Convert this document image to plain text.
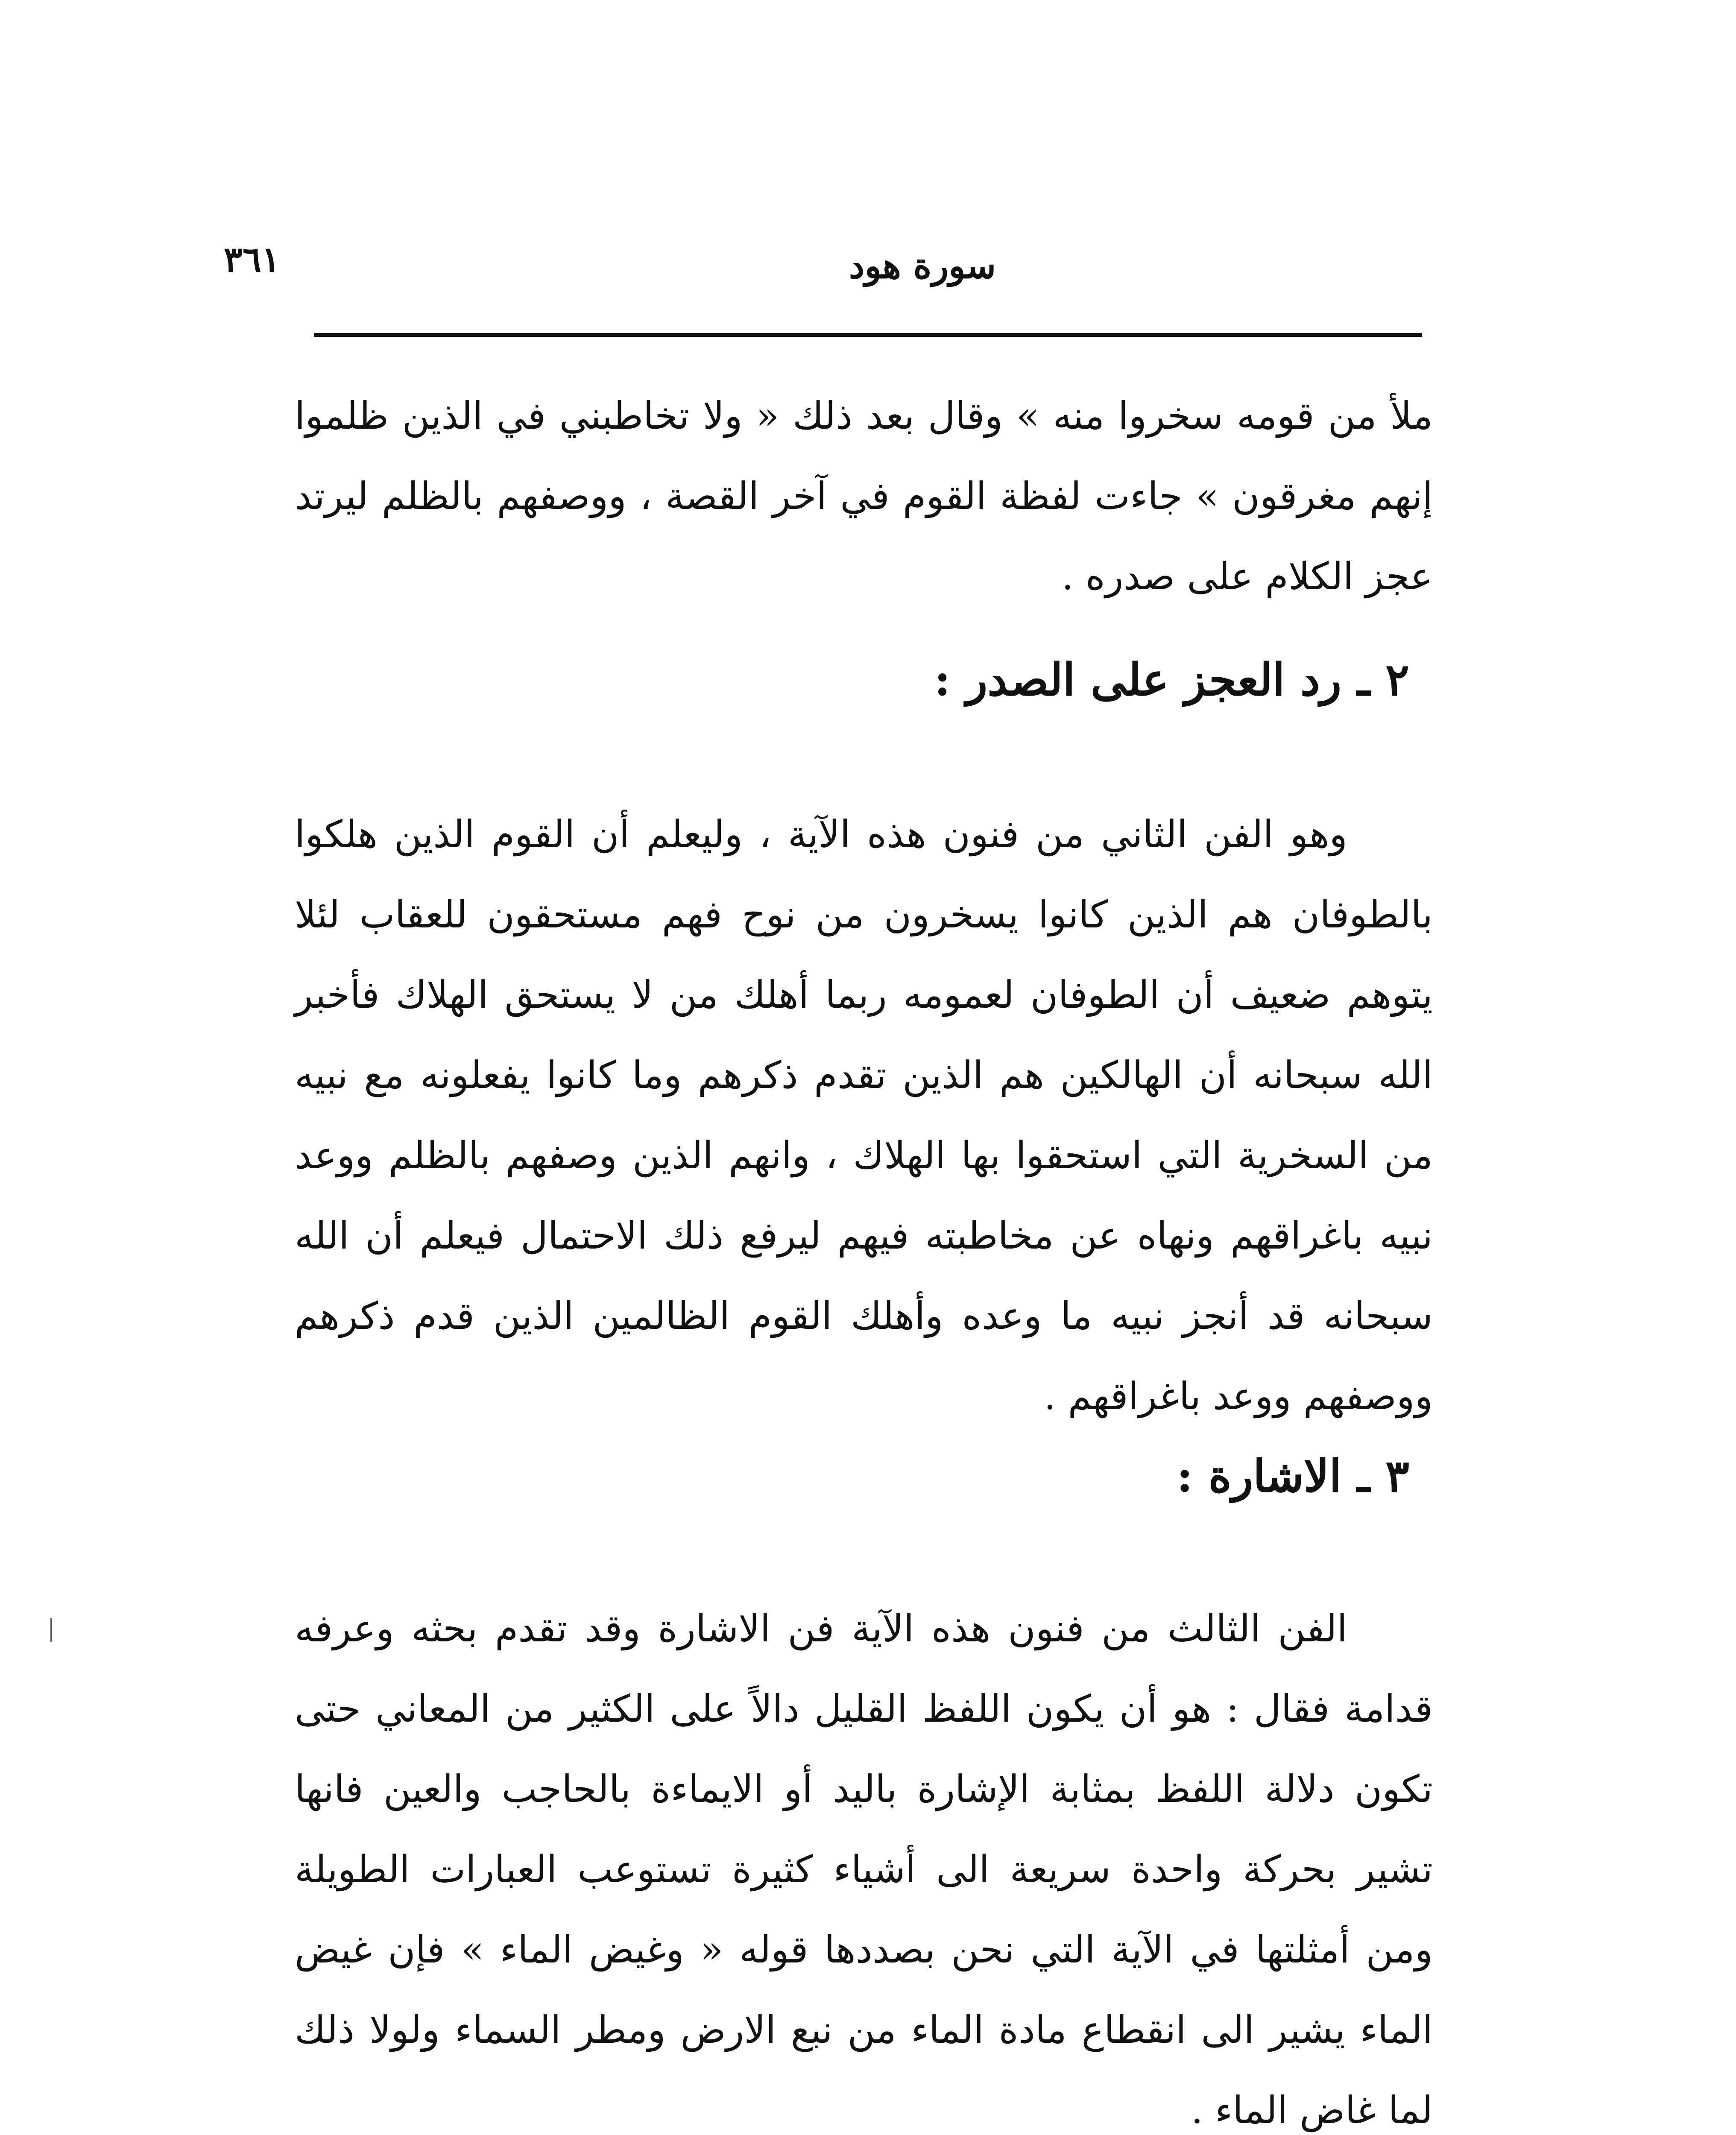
٣٦١	سورة هود

ملأ من قومه سخروا منه » وقال بعد ذلك « ولا تخاطبني في الذين ظلموا إنهم مغرقون » جاءت لفظة القوم في آخر القصة ، ووصفهم بالظلم ليرتد عجز الكلام على صدره .

٢ ـ رد العجز على الصدر :

وهو الفن الثاني من فنون هذه الآية ، وليعلم أن القوم الذين هلكوا بالطوفان هم الذين كانوا يسخرون من نوح فهم مستحقون للعقاب لئلا يتوهم ضعيف أن الطوفان لعمومه ربما أهلك من لا يستحق الهلاك فأخبر الله سبحانه أن الهالكين هم الذين تقدم ذكرهم وما كانوا يفعلونه مع نبيه من السخرية التي استحقوا بها الهلاك ، وانهم الذين وصفهم بالظلم ووعد نبيه باغراقهم ونهاه عن مخاطبته فيهم ليرفع ذلك الاحتمال فيعلم أن الله سبحانه قد أنجز نبيه ما وعده وأهلك القوم الظالمين الذين قدم ذكرهم ووصفهم ووعد باغراقهم .

٣ ـ الاشارة :

الفن الثالث من فنون هذه الآية فن الاشارة وقد تقدم بحثه وعرفه قدامة فقال : هو أن يكون اللفظ القليل دالاً على الكثير من المعاني حتى تكون دلالة اللفظ بمثابة الإشارة باليد أو الايماءة بالحاجب والعين فانها تشير بحركة واحدة سريعة الى أشياء كثيرة تستوعب العبارات الطويلة ومن أمثلتها في الآية التي نحن بصددها قوله « وغيض الماء » فإن غيض الماء يشير الى انقطاع مادة الماء من نبع الارض ومطر السماء ولولا ذلك لما غاض الماء .
